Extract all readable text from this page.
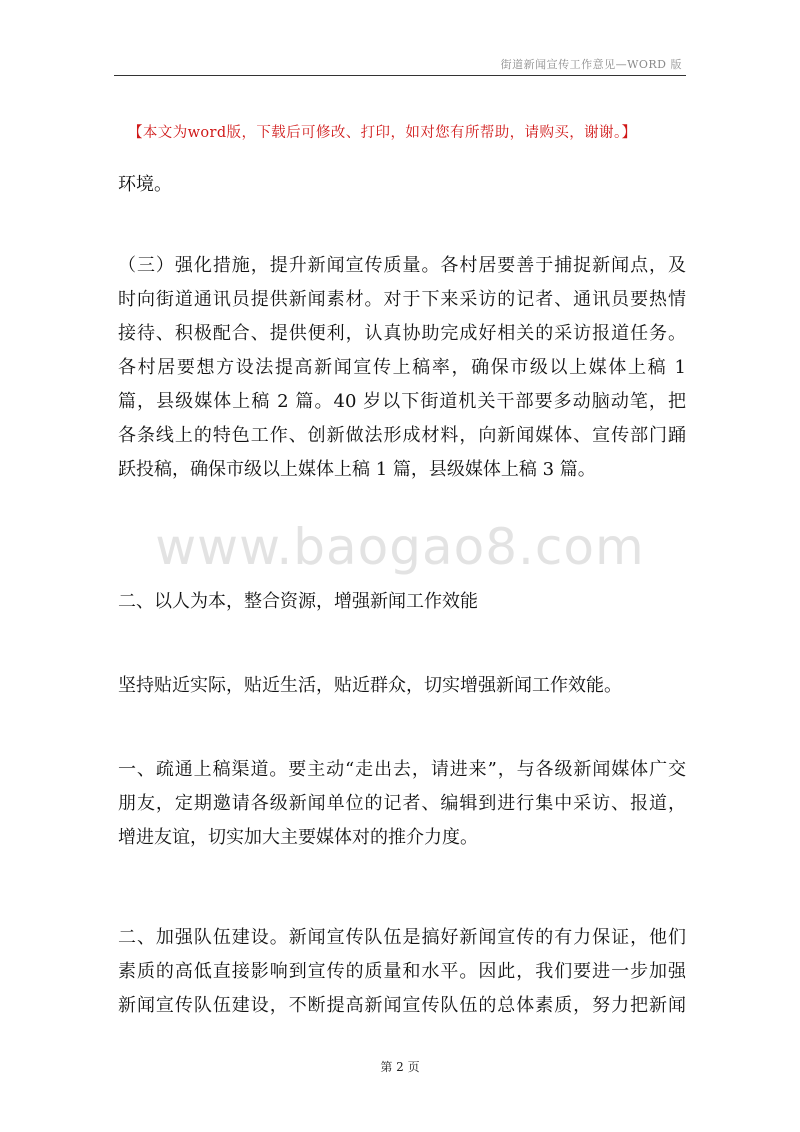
街道新闻宣传工作意见—WORD 版
【本文为word版，下载后可修改、打印，如对您有所帮助，请购买，谢谢。】
www.baogao8.com
环境。
（三）强化措施，提升新闻宣传质量。各村居要善于捕捉新闻点，及
时向街道通讯员提供新闻素材。对于下来采访的记者、通讯员要热情
接待、积极配合、提供便利，认真协助完成好相关的采访报道任务。
各村居要想方设法提高新闻宣传上稿率，确保市级以上媒体上稿 1
篇，县级媒体上稿 2 篇。40 岁以下街道机关干部要多动脑动笔，把
各条线上的特色工作、创新做法形成材料，向新闻媒体、宣传部门踊
跃投稿，确保市级以上媒体上稿 1 篇，县级媒体上稿 3 篇。
二、以人为本，整合资源，增强新闻工作效能
坚持贴近实际，贴近生活，贴近群众，切实增强新闻工作效能。
一、疏通上稿渠道。要主动“走出去，请进来”，与各级新闻媒体广交
朋友，定期邀请各级新闻单位的记者、编辑到进行集中采访、报道，
增进友谊，切实加大主要媒体对的推介力度。
二、加强队伍建设。新闻宣传队伍是搞好新闻宣传的有力保证，他们
素质的高低直接影响到宣传的质量和水平。因此，我们要进一步加强
新闻宣传队伍建设，不断提高新闻宣传队伍的总体素质，努力把新闻
第 2 页
